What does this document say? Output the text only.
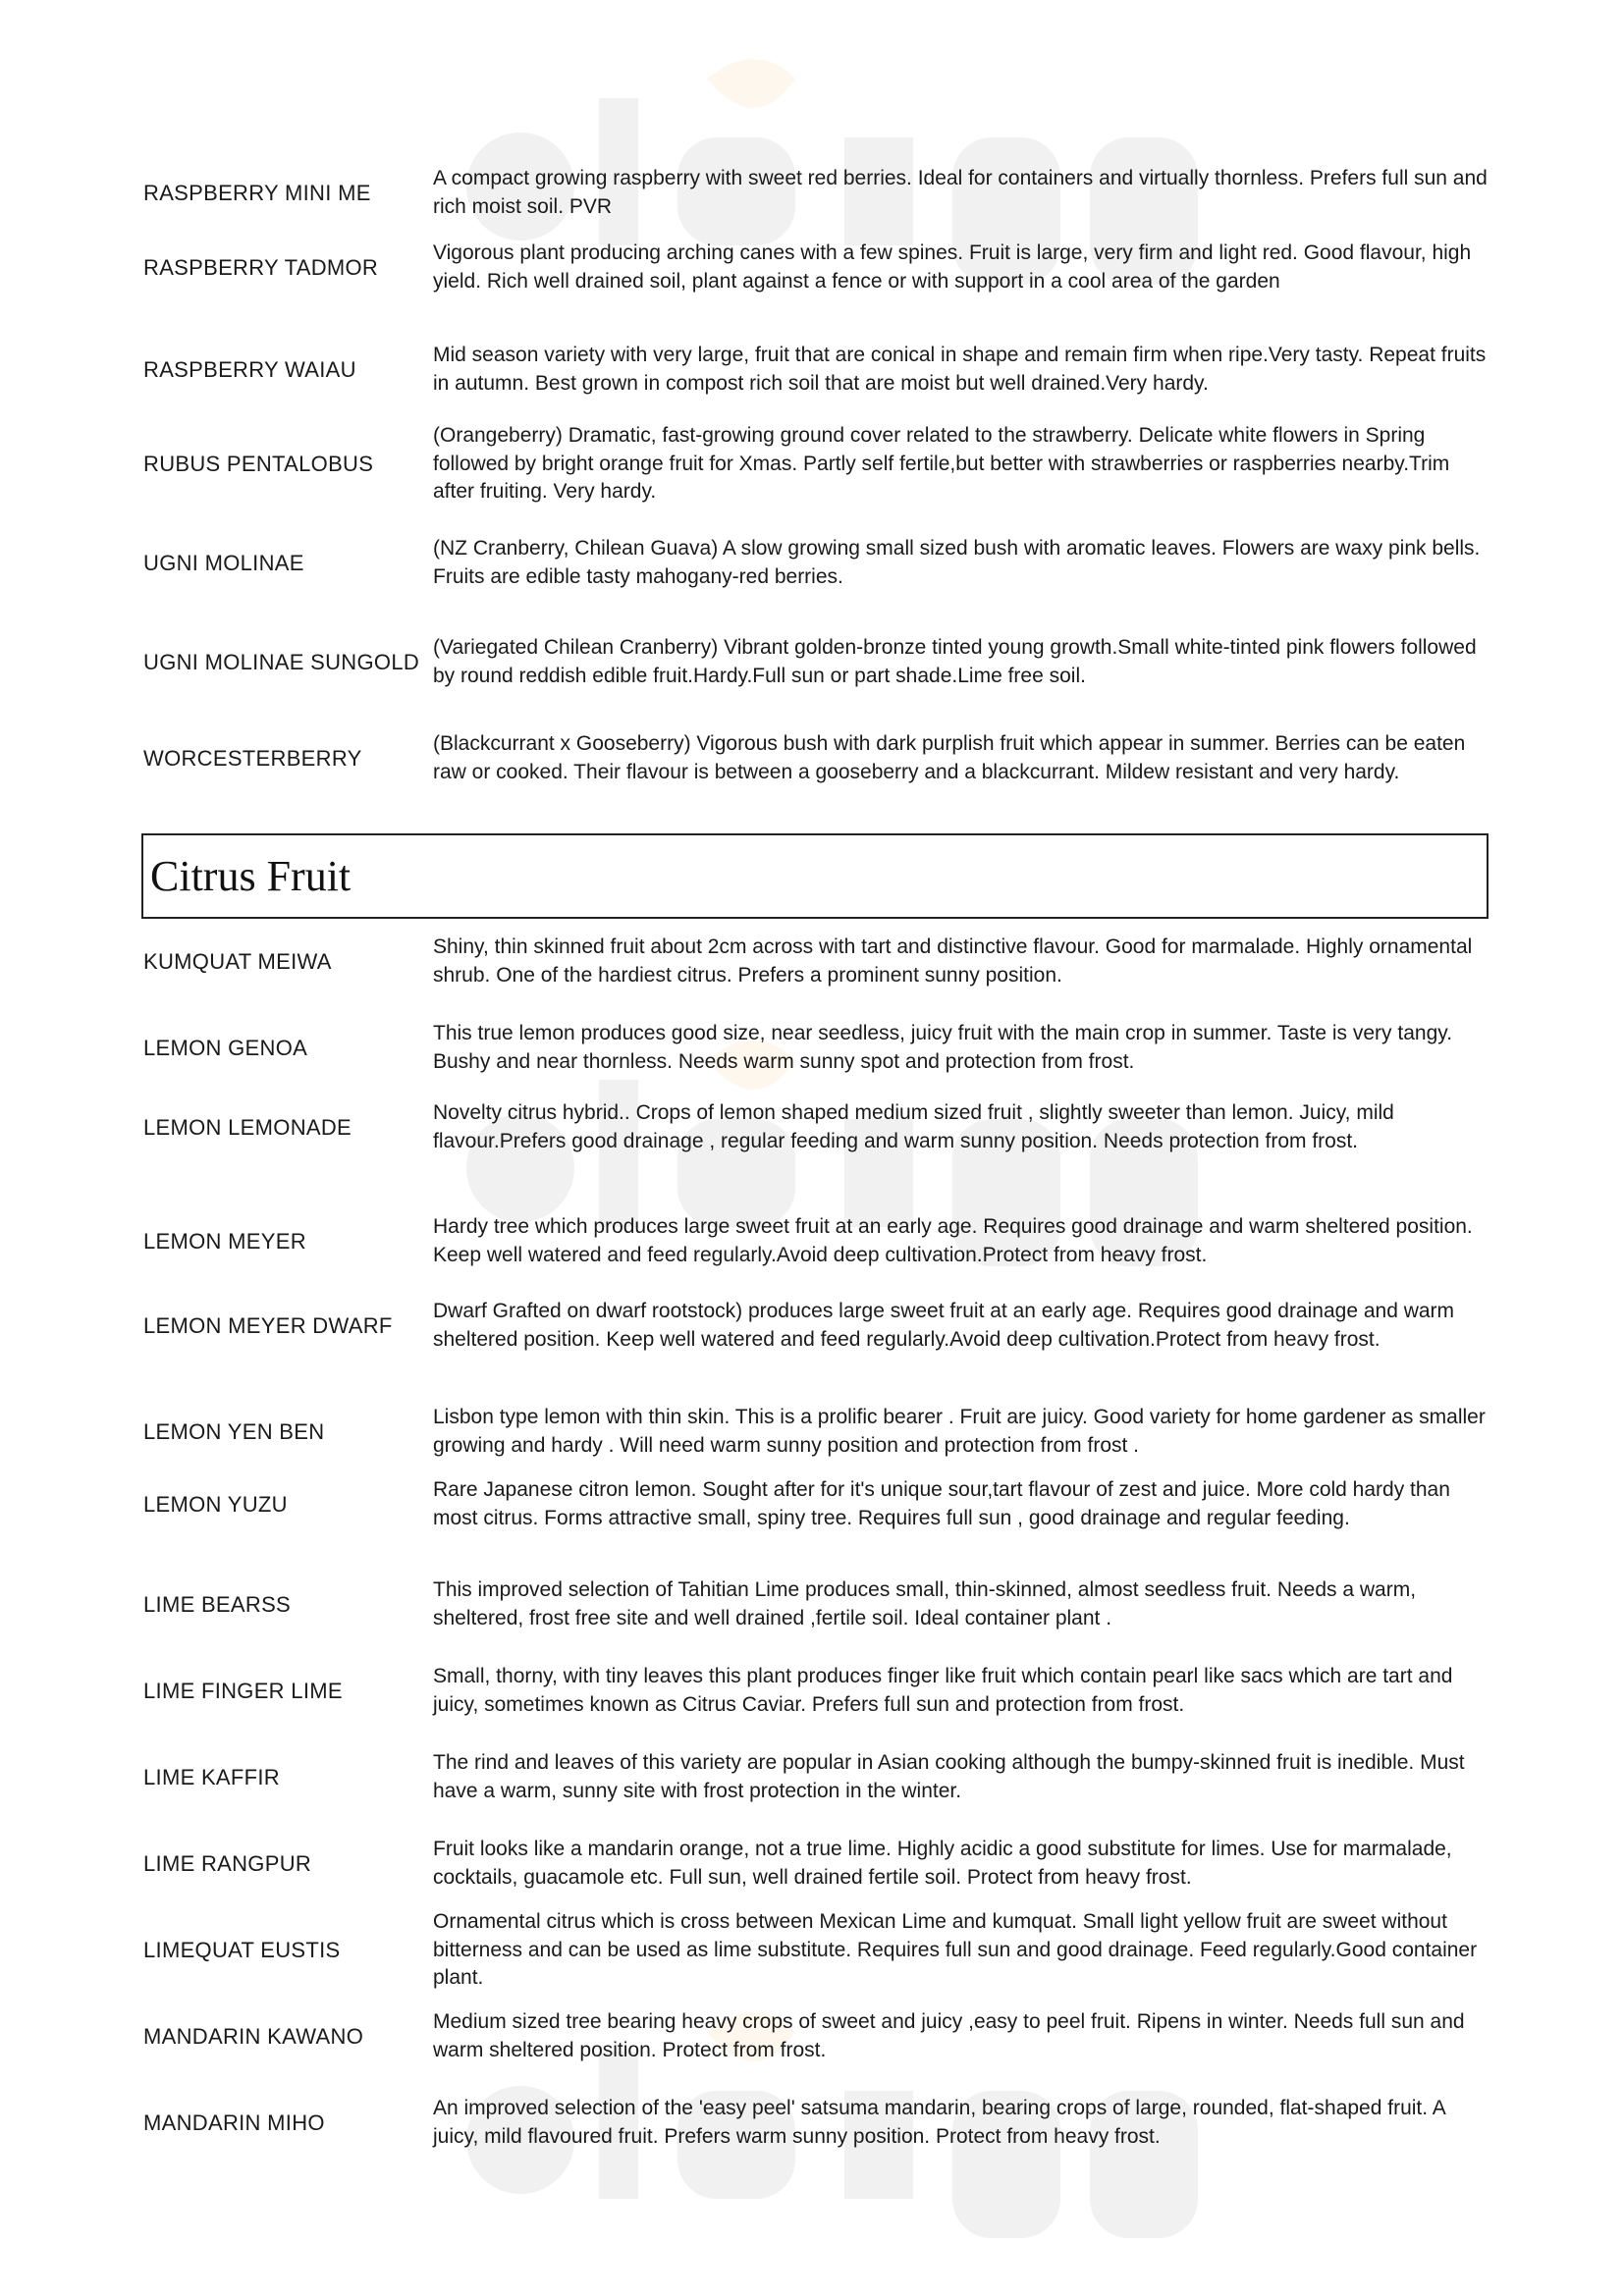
RASPBERRY MINI ME
A compact growing raspberry with sweet red berries. Ideal for containers and virtually thornless. Prefers full sun and rich moist soil. PVR
RASPBERRY TADMOR
Vigorous plant producing arching canes with a few spines. Fruit is large, very firm and light red. Good flavour, high yield. Rich well drained soil, plant against a fence or with support in a cool area of the garden
RASPBERRY WAIAU
Mid season variety with very large, fruit that are conical in shape and remain firm when ripe.Very tasty. Repeat fruits in autumn. Best grown in compost rich soil that are moist but well drained.Very hardy.
RUBUS PENTALOBUS
(Orangeberry) Dramatic, fast-growing ground cover related to the strawberry. Delicate white flowers in Spring followed by bright orange fruit for Xmas. Partly self fertile,but better with strawberries or raspberries nearby.Trim after fruiting. Very hardy.
UGNI MOLINAE
(NZ Cranberry, Chilean Guava) A slow growing small sized bush with aromatic leaves. Flowers are waxy pink bells. Fruits are edible tasty mahogany-red berries.
UGNI MOLINAE SUNGOLD
(Variegated Chilean Cranberry) Vibrant golden-bronze tinted young growth.Small white-tinted pink flowers followed by round reddish edible fruit.Hardy.Full sun or part shade.Lime free soil.
WORCESTERBERRY
(Blackcurrant x Gooseberry) Vigorous bush with dark purplish fruit which appear in summer. Berries can be eaten raw or cooked. Their flavour is between a gooseberry and a blackcurrant. Mildew resistant and very hardy.
Citrus Fruit
KUMQUAT MEIWA
Shiny, thin skinned fruit about 2cm across with tart and distinctive flavour. Good for marmalade. Highly ornamental shrub. One of the hardiest citrus. Prefers a prominent sunny position.
LEMON GENOA
This true lemon produces good size, near seedless, juicy fruit with the main crop in summer. Taste is very tangy. Bushy and near thornless. Needs warm sunny spot and protection from frost.
LEMON LEMONADE
Novelty citrus hybrid.. Crops of lemon shaped medium sized fruit , slightly sweeter than lemon. Juicy, mild flavour.Prefers good drainage , regular feeding and warm sunny position. Needs protection from frost.
LEMON MEYER
Hardy tree which produces large sweet fruit at an early age. Requires good drainage and warm sheltered position. Keep well watered and feed regularly.Avoid deep cultivation.Protect from heavy frost.
LEMON MEYER DWARF
Dwarf Grafted on dwarf rootstock) produces large sweet fruit at an early age. Requires good drainage and warm sheltered position. Keep well watered and feed regularly.Avoid deep cultivation.Protect from heavy frost.
LEMON YEN BEN
Lisbon type lemon with thin skin. This is a prolific bearer . Fruit are juicy. Good variety for home gardener as smaller growing and hardy . Will need warm sunny position and protection from frost .
LEMON YUZU
Rare Japanese citron lemon. Sought after for it's unique sour,tart flavour of zest and juice. More cold hardy than most citrus. Forms attractive small, spiny tree. Requires full sun , good drainage and regular feeding.
LIME BEARSS
This improved selection of Tahitian Lime produces small, thin-skinned, almost seedless fruit. Needs a warm, sheltered, frost free site and well drained ,fertile soil. Ideal container plant .
LIME FINGER LIME
Small, thorny, with tiny leaves this plant produces finger like fruit which contain pearl like sacs which are tart and juicy, sometimes known as Citrus Caviar. Prefers full sun and protection from frost.
LIME KAFFIR
The rind and leaves of this variety are popular in Asian cooking although the bumpy-skinned fruit is inedible. Must have a warm, sunny site with frost protection in the winter.
LIME RANGPUR
Fruit looks like a mandarin orange, not a true lime. Highly acidic a good substitute for limes. Use for marmalade, cocktails, guacamole etc. Full sun, well drained fertile soil. Protect from heavy frost.
LIMEQUAT EUSTIS
Ornamental citrus which is cross between Mexican Lime and kumquat. Small light yellow fruit are sweet without bitterness and can be used as lime substitute. Requires full sun and good drainage. Feed regularly.Good container plant.
MANDARIN KAWANO
Medium sized tree bearing heavy crops of sweet and juicy ,easy to peel fruit. Ripens in winter. Needs full sun and warm sheltered position. Protect from frost.
MANDARIN MIHO
An improved selection of the 'easy peel' satsuma mandarin, bearing crops of large, rounded, flat-shaped fruit. A juicy, mild flavoured fruit. Prefers warm sunny position. Protect from heavy frost.
